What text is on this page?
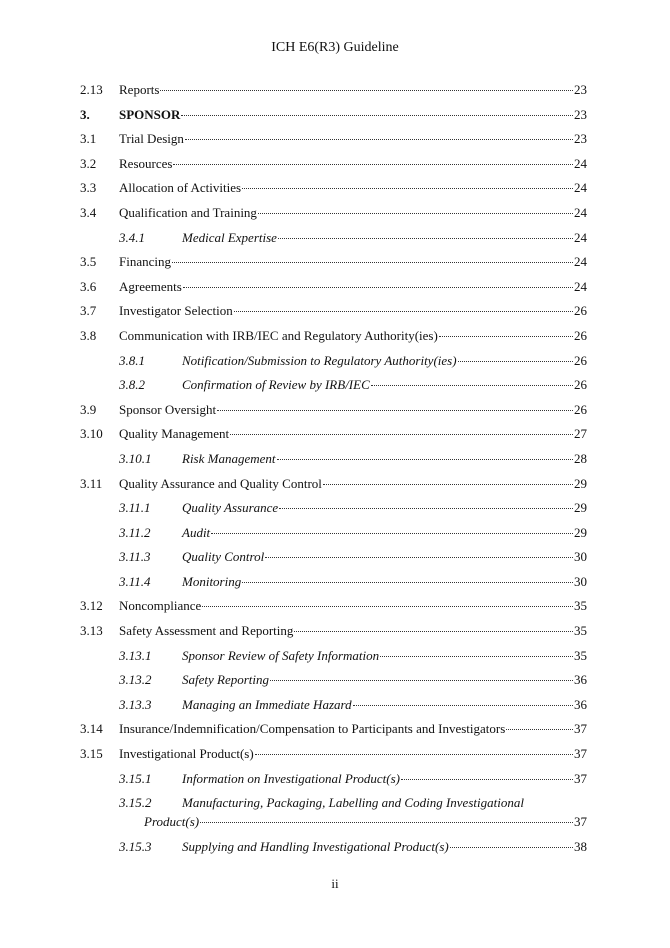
ICH E6(R3) Guideline
2.13 Reports	23
3. SPONSOR	23
3.1 Trial Design	23
3.2 Resources	24
3.3 Allocation of Activities	24
3.4 Qualification and Training	24
3.4.1	Medical Expertise	24
3.5 Financing	24
3.6 Agreements	24
3.7 Investigator Selection	26
3.8 Communication with IRB/IEC and Regulatory Authority(ies)	26
3.8.1	Notification/Submission to Regulatory Authority(ies)	26
3.8.2	Confirmation of Review by IRB/IEC	26
3.9 Sponsor Oversight	26
3.10 Quality Management	27
3.10.1 Risk Management	28
3.11 Quality Assurance and Quality Control	29
3.11.1 Quality Assurance	29
3.11.2 Audit	29
3.11.3 Quality Control	30
3.11.4 Monitoring	30
3.12 Noncompliance	35
3.13 Safety Assessment and Reporting	35
3.13.1 Sponsor Review of Safety Information	35
3.13.2 Safety Reporting	36
3.13.3 Managing an Immediate Hazard	36
3.14 Insurance/Indemnification/Compensation to Participants and Investigators	37
3.15 Investigational Product(s)	37
3.15.1 Information on Investigational Product(s)	37
3.15.2 Manufacturing, Packaging, Labelling and Coding Investigational
Product(s)	37
3.15.3 Supplying and Handling Investigational Product(s)	38
ii
